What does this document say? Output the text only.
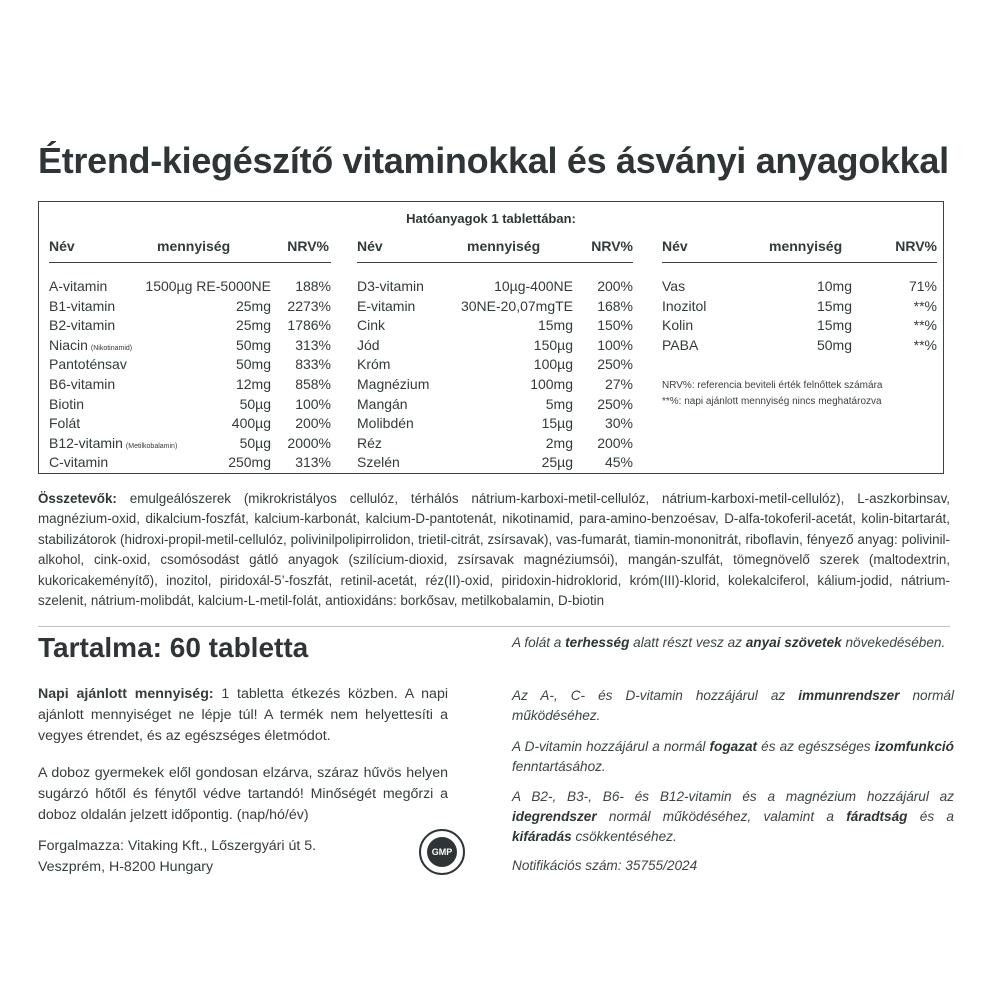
Étrend-kiegészítő vitaminokkal és ásványi anyagokkal
Hatóanyagok 1 tablettában:
Név	mennyiség	NRV%
A-vitamin	1500µg RE-5000NE 188%
B1-vitamin	25mg 2273%
B2-vitamin	25mg 1786%
Niacin (Nikotinamid)	50mg 313%
Pantoténsav	50mg 833%
B6-vitamin	12mg 858%
Biotin	50µg 100%
Folát	400µg 200%
B12-vitamin (Metilkobalamin)	50µg 2000%
C-vitamin	250mg 313%
Név	mennyiség	NRV%
D3-vitamin	10µg-400NE 200%
E-vitamin	30NE-20,07mgTE 168%
Cink	15mg 150%
Jód	150µg 100%
Króm	100µg 250%
Magnézium	100mg 27%
Mangán	5mg 250%
Molibdén	15µg 30%
Réz	2mg 200%
Szelén	25µg 45%
Név	mennyiség	NRV%
Vas	10mg	71%
Inozitol	15mg	**%
Kolin	15mg	**%
PABA	50mg	**%
NRV%: referencia beviteli érték felnőttek számára
**%: napi ajánlott mennyiség nincs meghatározva
Összetevők: emulgeálószerek (mikrokristályos cellulóz, térhálós nátrium-karboxi-metil-cellulóz, nátrium-karboxi-metil-cellulóz), L-aszkorbinsav, magnézium-oxid, dikalcium-foszfát, kalcium-karbonát, kalcium-D-pantotenát, nikotinamid, para-amino-benzoésav, D-alfa-tokoferil-acetát, kolin-bitartarát, stabilizátorok (hidroxi-propil-metil-cellulóz, polivinilpolipirrolidon, trietil-citrát, zsírsavak), vas-fumarát, tiamin-mononitrát, riboflavin, fényező anyag: polivinil-alkohol, cink-oxid, csomósodást gátló anyagok (szilícium-dioxid, zsírsavak magnéziumsói), mangán-szulfát, tömegnövelő szerek (maltodextrin, kukoricakeményítő), inozitol, piridoxál-5’-foszfát, retinil-acetát, réz(II)-oxid, piridoxin-hidroklorid, króm(III)-klorid, kolekalciferol, kálium-jodid, nátrium-szelenit, nátrium-molibdát, kalcium-L-metil-folát, antioxidáns: borkősav, metilkobalamin, D-biotin
Tartalma: 60 tabletta
Napi ajánlott mennyiség: 1 tabletta étkezés közben. A napi ajánlott mennyiséget ne lépje túl! A termék nem helyettesíti a vegyes étrendet, és az egészséges életmódot.
A doboz gyermekek elől gondosan elzárva, száraz hűvös helyen sugárzó hőtől és fénytől védve tartandó! Minőségét megőrzi a doboz oldalán jelzett időpontig. (nap/hó/év)
Forgalmazza: Vitaking Kft., Lőszergyári út 5.
Veszprém, H-8200 Hungary
GMP
A folát a terhesség alatt részt vesz az anyai szövetek növekedésében.
Az A-, C- és D-vitamin hozzájárul az immunrendszer normál működéséhez.
A D-vitamin hozzájárul a normál fogazat és az egészséges izomfunkció fenntartásához.
A B2-, B3-, B6- és B12-vitamin és a magnézium hozzájárul az idegrendszer normál működéséhez, valamint a fáradtság és a kifáradás csökkentéséhez.
Notifikációs szám: 35755/2024
